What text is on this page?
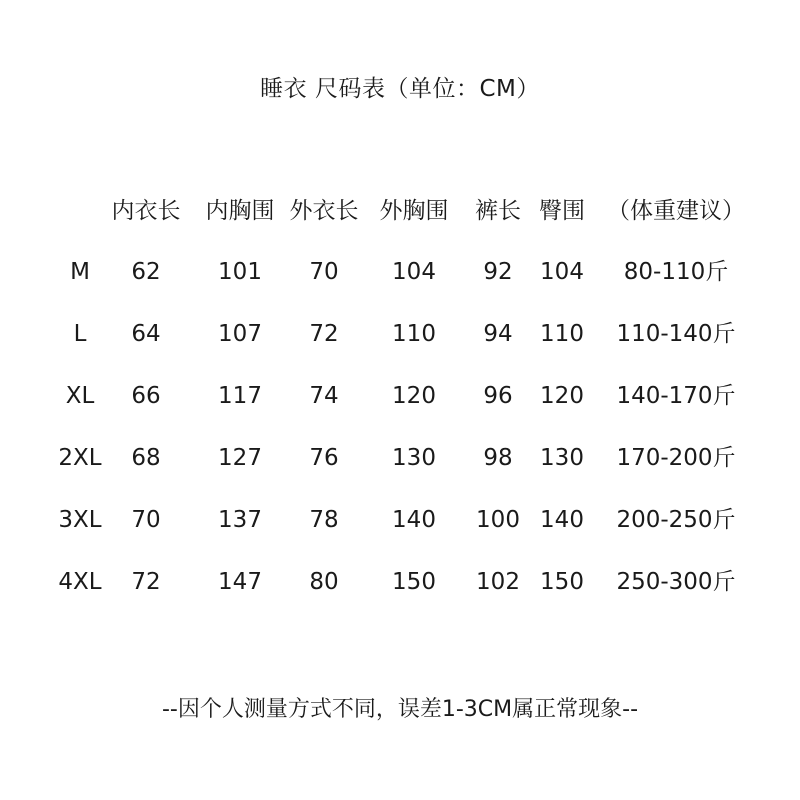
睡衣 尺码表（单位：CM）
内衣长 内胸围 外衣长 外胸围 裤长 臀围 （体重建议）
M 62 101 70 104 92 104 80-110斤
L 64 107 72 110 94 110 110-140斤
XL 66 117 74 120 96 120 140-170斤
2XL 68 127 76 130 98 130 170-200斤
3XL 70 137 78 140 100 140 200-250斤
4XL 72 147 80 150 102 150 250-300斤
--因个人测量方式不同，误差1-3CM属正常现象--
